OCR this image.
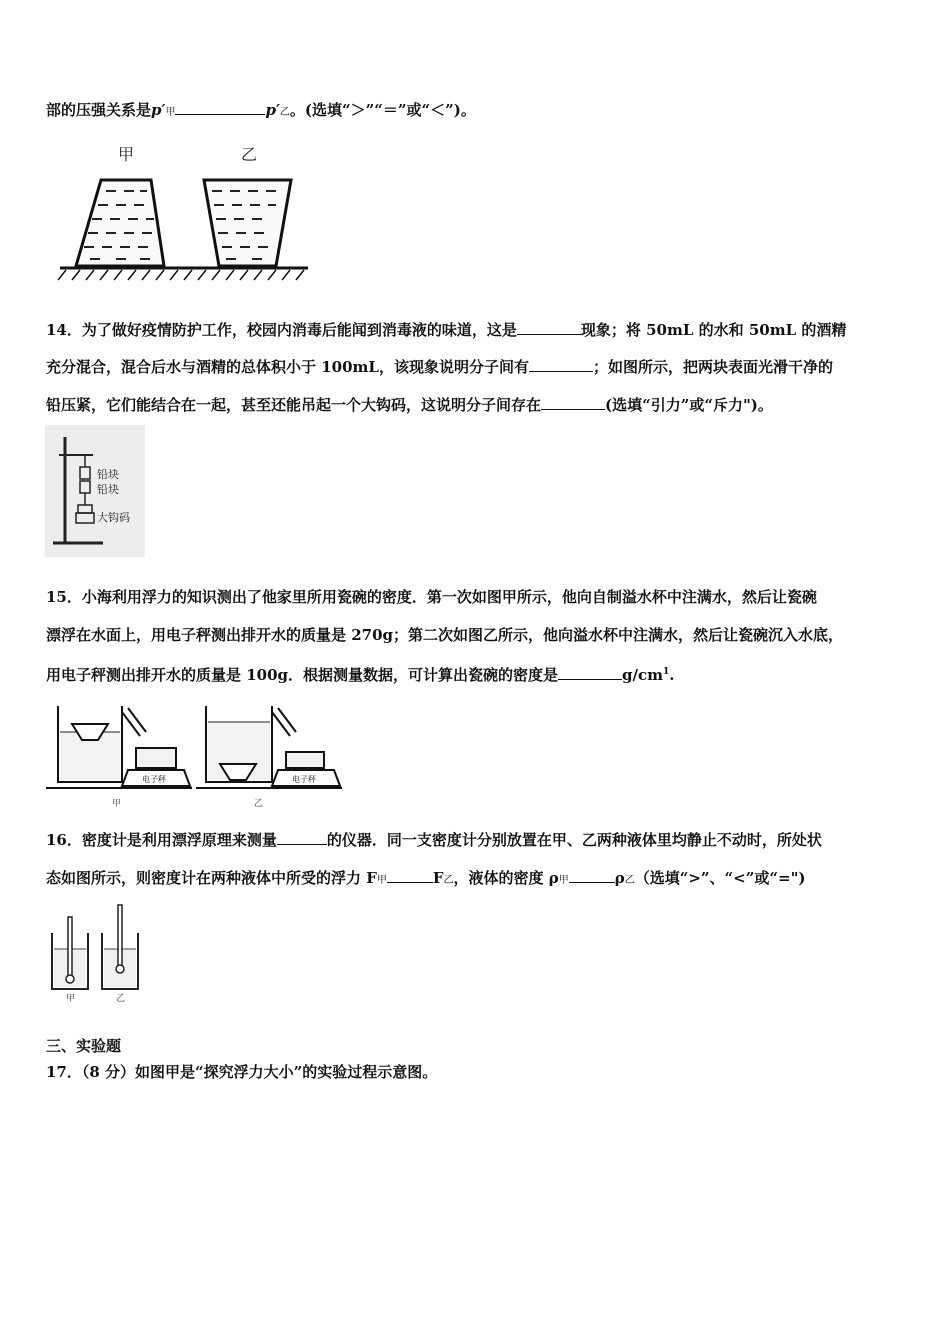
部的压强关系是p′甲	p′乙。(选填“＞”“＝”或“＜”)。
甲	乙
14．为了做好疫情防护工作，校园内消毒后能闻到消毒液的味道，这是	现象；将 50mL 的水和 50mL 的酒精
充分混合，混合后水与酒精的总体积小于 100mL，该现象说明分子间有	；如图所示，把两块表面光滑干净的
铅压紧，它们能结合在一起，甚至还能吊起一个大钩码，这说明分子间存在	(选填“引力”或“斥力")。
铅块
铅块
大钩码
15．小海利用浮力的知识测出了他家里所用瓷碗的密度．第一次如图甲所示，他向自制溢水杯中注满水，然后让瓷碗
漂浮在水面上，用电子秤测出排开水的质量是 270g；第二次如图乙所示，他向溢水杯中注满水，然后让瓷碗沉入水底，
用电子秤测出排开水的质量是 100g．根据测量数据，可计算出瓷碗的密度是	$g/cm^1$.
电子秤
甲
电子秤
乙
16．密度计是利用漂浮原理来测量	的仪器．同一支密度计分别放置在甲、乙两种液体里均静止不动时，所处状
态如图所示，则密度计在两种液体中所受的浮力 F甲	F乙，液体的密度 ρ甲	ρ乙（选填“>”、“<”或“=")
甲	乙
三、实验题
17．（8 分）如图甲是“探究浮力大小”的实验过程示意图。
